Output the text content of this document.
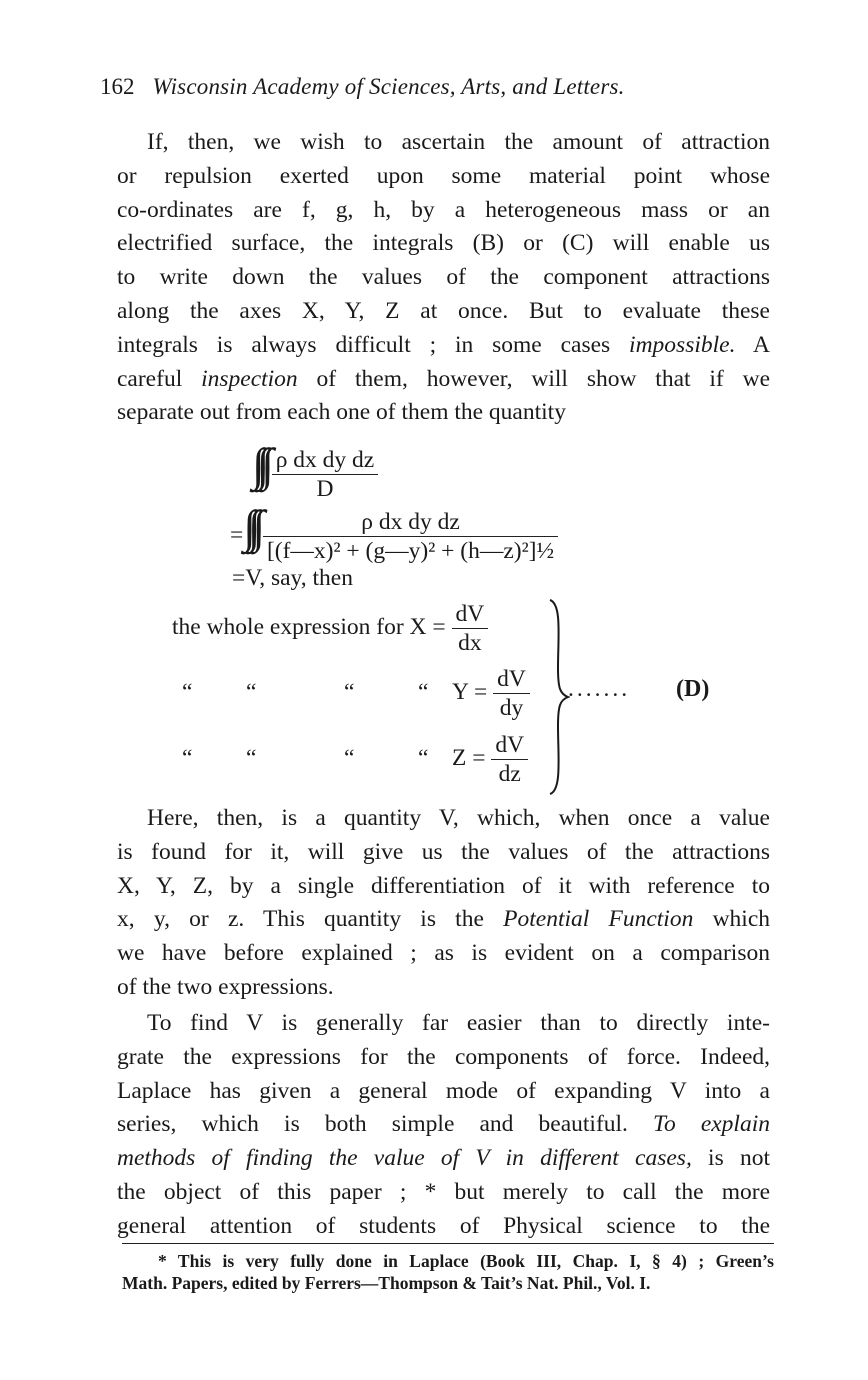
162 Wisconsin Academy of Sciences, Arts, and Letters.
If, then, we wish to ascertain the amount of attraction
or repulsion exerted upon some material point whose
co-ordinates are f, g, h, by a heterogeneous mass or an
electrified surface, the integrals (B) or (C) will enable us
to write down the values of the component attractions
along the axes X, Y, Z at once. But to evaluate these
integrals is always difficult ; in some cases impossible. A
careful inspection of them, however, will show that if we
separate out from each one of them the quantity
∫∫∫ $\frac{\text{ρ dx dy dz}}{D}$
=∫∫∫ $\frac{\text{ρ dx dy dz}}{\text{[(f—x)² + (g—y)² + (h—z)²]½}}$
=V, say, then
the whole expression for $X = \frac{dV}{dx}$
“ “	“	“ $Y = \frac{dV}{dy}$
“ “	“	“ $Z = \frac{dV}{dz}$
....... (D)
Here, then, is a quantity V, which, when once a value
is found for it, will give us the values of the attractions
X, Y, Z, by a single differentiation of it with reference to
x, y, or z. This quantity is the Potential Function which
we have before explained ; as is evident on a comparison
of the two expressions.
To find V is generally far easier than to directly inte-
grate the expressions for the components of force. Indeed,
Laplace has given a general mode of expanding V into a
series, which is both simple and beautiful. To explain
methods of finding the value of V in different cases, is not
the object of this paper ; * but merely to call the more
general attention of students of Physical science to the
* This is very fully done in Laplace (Book III, Chap. I, § 4) ; Green’s
Math. Papers, edited by Ferrers—Thompson & Tait’s Nat. Phil., Vol. I.
